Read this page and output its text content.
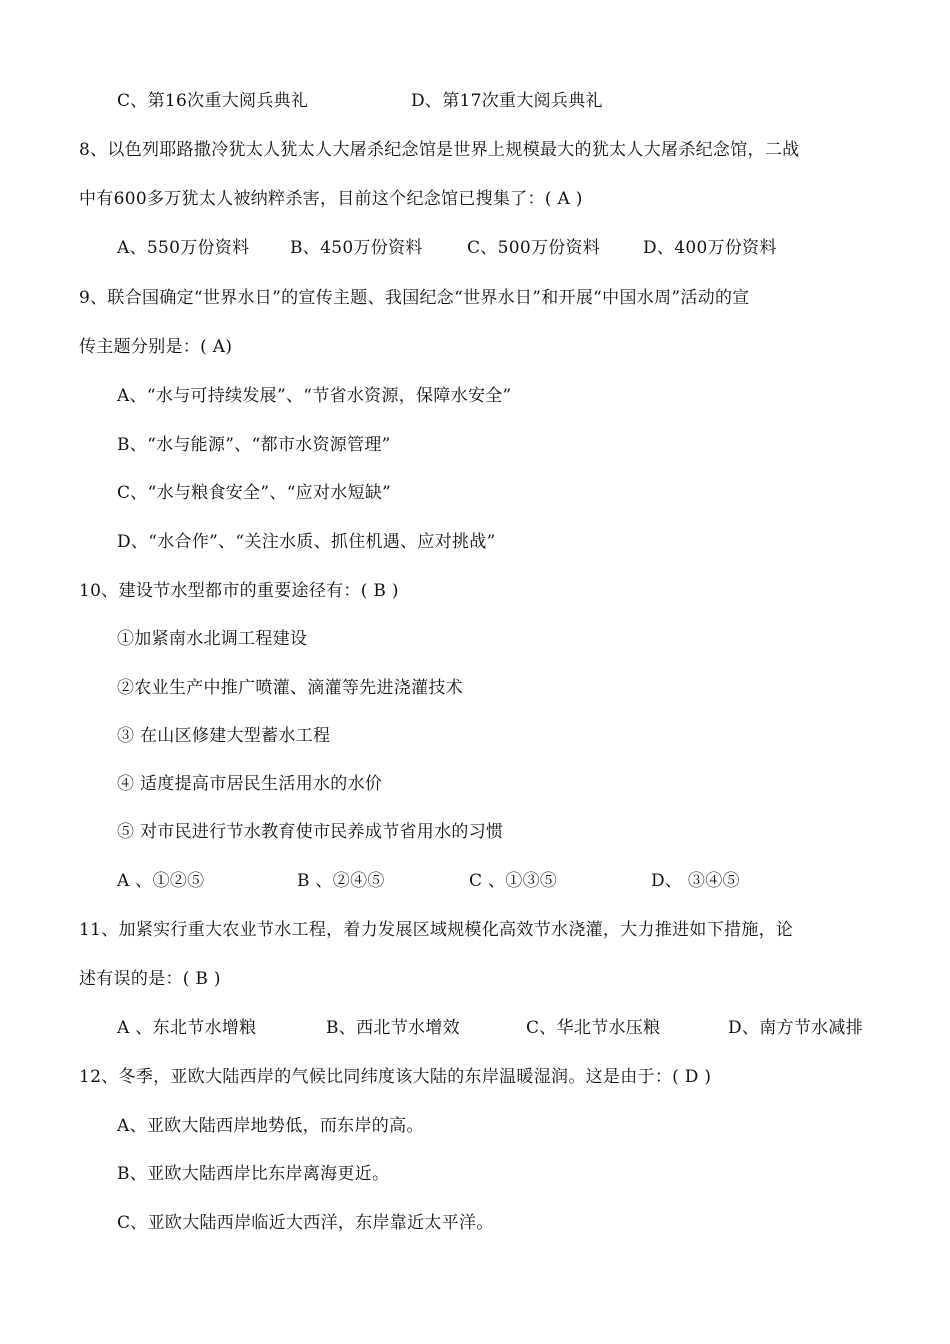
C、第16次重大阅兵典礼	D、第17次重大阅兵典礼
8、以色列耶路撒冷犹太人犹太人大屠杀纪念馆是世界上规模最大的犹太人大屠杀纪念馆，二战
中有600多万犹太人被纳粹杀害，目前这个纪念馆已搜集了：( A )
A、550万份资料 B、450万份资料	C、500万份资料	D、400万份资料
9、联合国确定“世界水日”的宣传主题、我国纪念“世界水日”和开展“中国水周”活动的宣
传主题分别是：( A)
A、“水与可持续发展”、“节省水资源，保障水安全”
B、“水与能源”、“都市水资源管理”
C、“水与粮食安全”、“应对水短缺”
D、“水合作”、“关注水质、抓住机遇、应对挑战”
10、建设节水型都市的重要途径有：( B )
①加紧南水北调工程建设
②农业生产中推广喷灌、滴灌等先进浇灌技术
③ 在山区修建大型蓄水工程
④ 适度提高市居民生活用水的水价
⑤ 对市民进行节水教育使市民养成节省用水的习惯
A 、①②⑤	B 、②④⑤	C 、①③⑤	D、 ③④⑤
11、加紧实行重大农业节水工程，着力发展区域规模化高效节水浇灌，大力推进如下措施，论
述有误的是：( B )
A 、东北节水增粮	B、西北节水增效	C、华北节水压粮	D、南方节水减排
12、冬季，亚欧大陆西岸的气候比同纬度该大陆的东岸温暖湿润。这是由于：( D )
A、亚欧大陆西岸地势低，而东岸的高。
B、亚欧大陆西岸比东岸离海更近。
C、亚欧大陆西岸临近大西洋，东岸靠近太平洋。
